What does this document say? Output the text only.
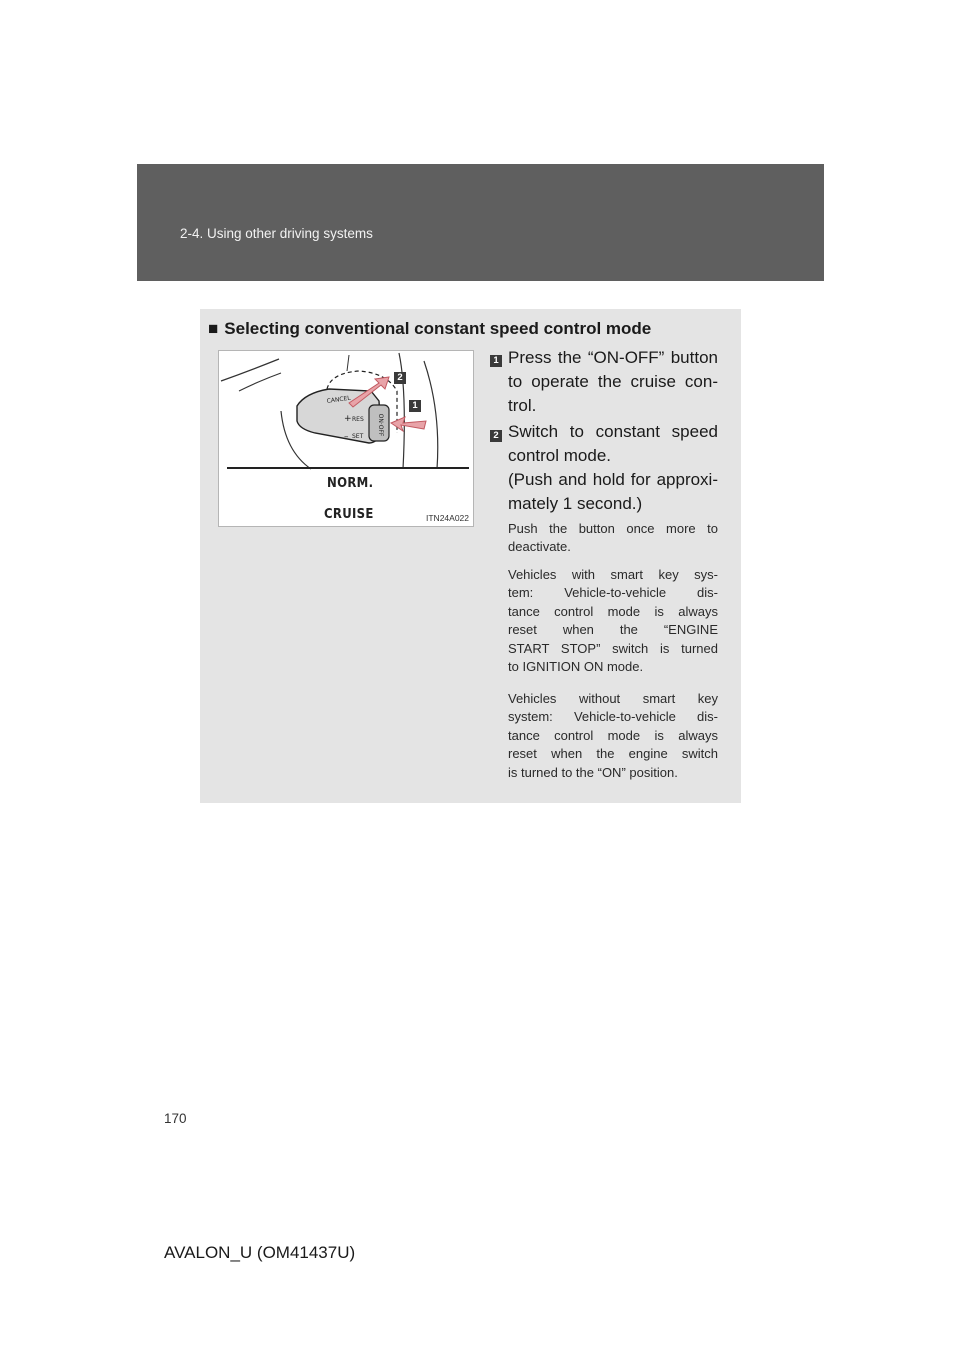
2-4. Using other driving systems
■ Selecting conventional constant speed control mode
ON·OFF
CANCEL
+ RES
– SET
2
1
NORM.
CRUISE	ITN24A022
1 Press the “ON-OFF” button
to operate the cruise con-
trol.
2 Switch to constant speed
control mode.
(Push and hold for approxi-
mately 1 second.)
Push the button once more to
deactivate.
Vehicles with smart key sys-
tem: Vehicle-to-vehicle dis-
tance control mode is always
reset when the “ENGINE
START STOP” switch is turned
to IGNITION ON mode.
Vehicles without smart key
system: Vehicle-to-vehicle dis-
tance control mode is always
reset when the engine switch
is turned to the “ON” position.
170
AVALON_U (OM41437U)
